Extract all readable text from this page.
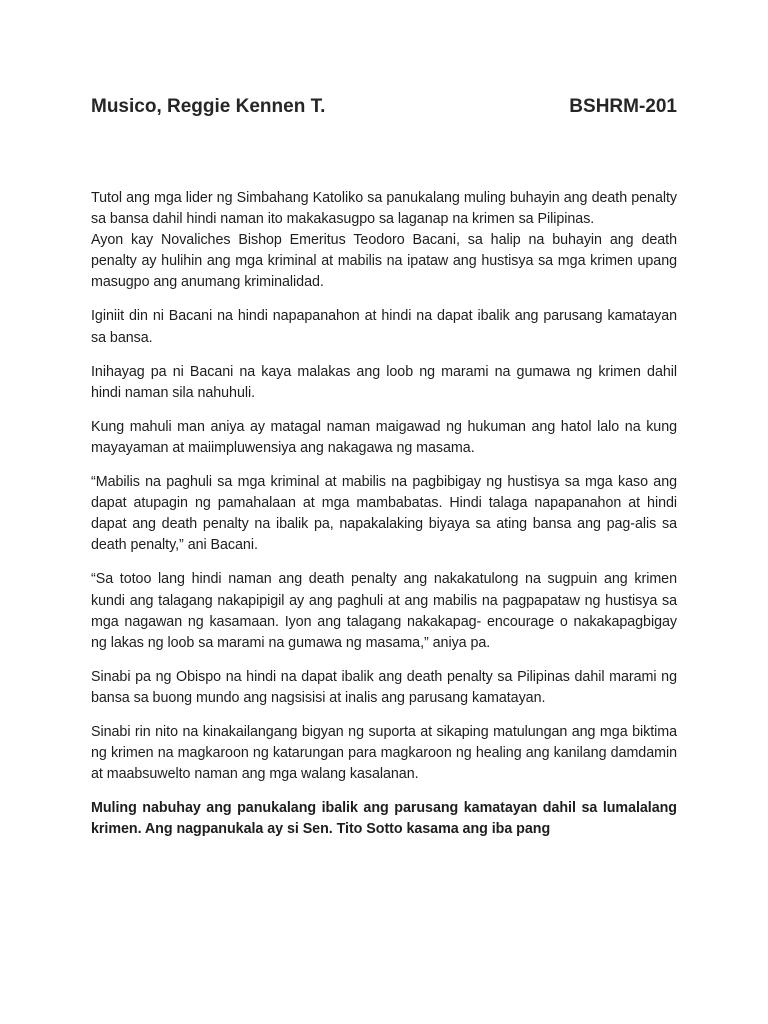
Musico, Reggie Kennen T.	BSHRM-201

Tutol ang mga lider ng Simbahang Katoliko sa panukalang muling buhayin ang death penalty sa bansa dahil hindi naman ito makakasugpo sa laganap na krimen sa Pilipinas.

Ayon kay Novaliches Bishop Emeritus Teodoro Bacani, sa halip na buhayin ang death penalty ay hulihin ang mga kriminal at mabilis na ipataw ang hustisya sa mga krimen upang masugpo ang anumang kriminalidad.

Iginiit din ni Bacani na hindi napapanahon at hindi na dapat ibalik ang parusang kamatayan sa bansa.

Inihayag pa ni Bacani na kaya malakas ang loob ng marami na gumawa ng krimen dahil hindi naman sila nahuhuli.

Kung mahuli man aniya ay matagal naman maigawad ng hukuman ang hatol lalo na kung mayayaman at maiimpluwensiya ang nakagawa ng masama.

“Mabilis na paghuli sa mga kriminal at mabilis na pagbibigay ng hustisya sa mga kaso ang dapat atupagin ng pamahalaan at mga mambabatas. Hindi talaga napapanahon at hindi dapat ang death penalty na ibalik pa, napakalaking biyaya sa ating bansa ang pag-alis sa death penalty,” ani Bacani.

“Sa totoo lang hindi naman ang death penalty ang nakakatulong na sugpuin ang krimen kundi ang talagang nakapipigil ay ang paghuli at ang mabilis na pagpapataw ng hustisya sa mga nagawan ng kasamaan. Iyon ang talagang nakakapag- encourage o nakakapagbigay ng lakas ng loob sa marami na gumawa ng masama,” aniya pa.

Sinabi pa ng Obispo na hindi na dapat ibalik ang death penalty sa Pilipinas dahil marami ng bansa sa buong mundo ang nagsisisi at inalis ang parusang kamatayan.

Sinabi rin nito na kinakailangang bigyan ng suporta at sikaping matulungan ang mga biktima ng krimen na magkaroon ng katarungan para magkaroon ng healing ang kanilang damdamin at maabsuwelto naman ang mga walang kasalanan.

Muling nabuhay ang panukalang ibalik ang parusang kamatayan dahil sa lumalalang krimen. Ang nagpanukala ay si Sen. Tito Sotto kasama ang iba pang
